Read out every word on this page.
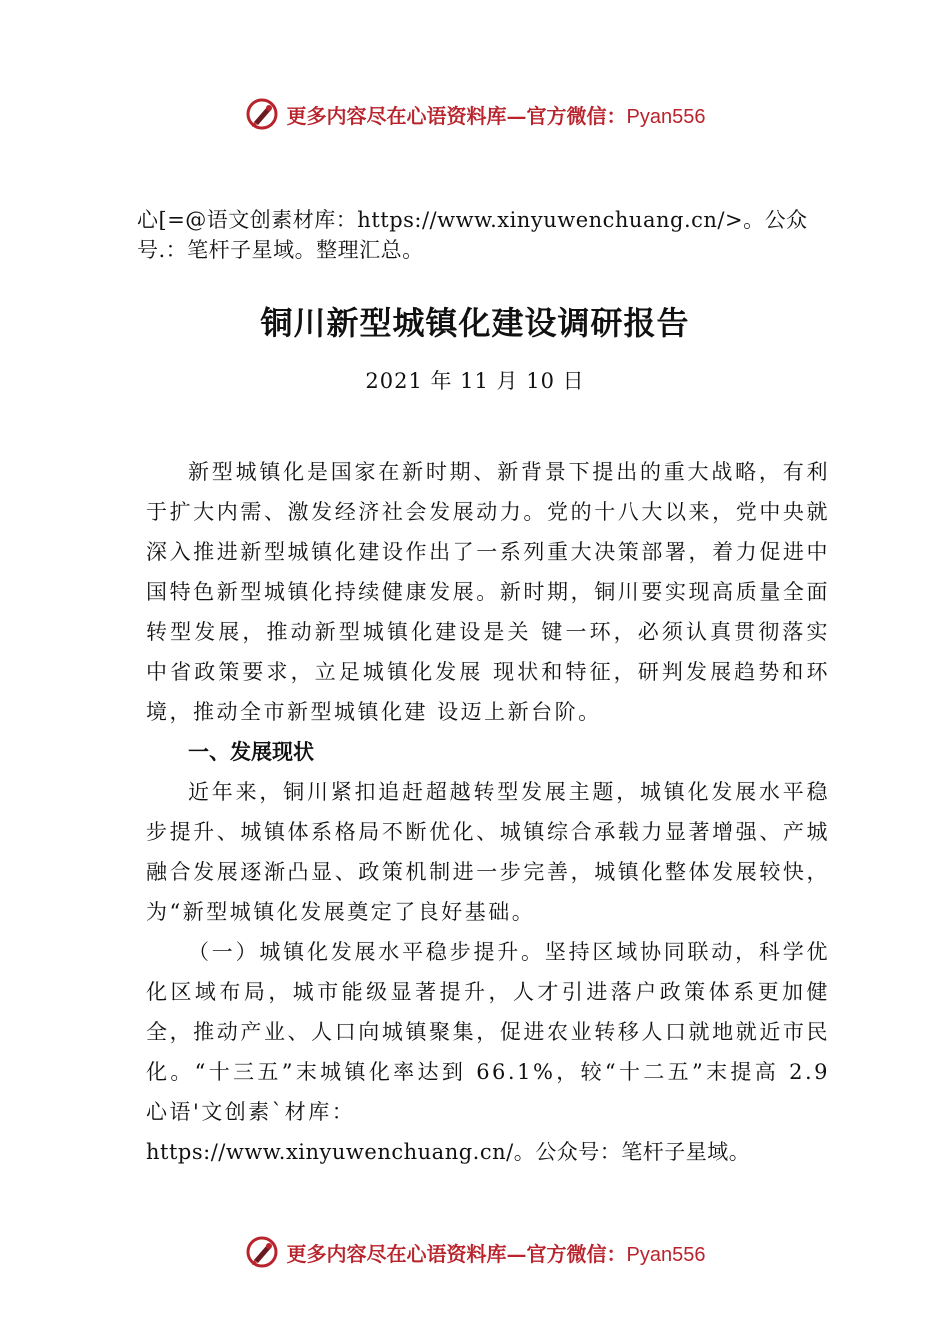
更多内容尽在心语资料库—官方微信：Pyan556
心[=@语文创素材库：https://www.xinyuwenchuang.cn/>。公众号.：笔杆子星域。整理汇总。
铜川新型城镇化建设调研报告
2021 年 11 月 10 日

新型城镇化是国家在新时期、新背景下提出的重大战略，有利于扩大内需、激发经济社会发展动力。党的十八大以来，党中央就深入推进新型城镇化建设作出了一系列重大决策部署，着力促进中国特色新型城镇化持续健康发展。新时期，铜川要实现高质量全面转型发展，推动新型城镇化建设是关 键一环，必须认真贯彻落实中省政策要求，立足城镇化发展 现状和特征，研判发展趋势和环境，推动全市新型城镇化建 设迈上新台阶。

一、发展现状

近年来，铜川紧扣追赶超越转型发展主题，城镇化发展水平稳步提升、城镇体系格局不断优化、城镇综合承载力显著增强、产城融合发展逐渐凸显、政策机制进一步完善，城镇化整体发展较快，为“新型城镇化发展奠定了良好基础。

（一）城镇化发展水平稳步提升。坚持区域协同联动，科学优化区域布局，城市能级显著提升，人才引进落户政策体系更加健全，推动产业、人口向城镇聚集，促进农业转移人口就地就近市民化。“十三五”末城镇化率达到 66.1%，较“十二五”末提高 2.9心语'文创素`材库：

https://www.xinyuwenchuang.cn/。公众号：笔杆子星域。

更多内容尽在心语资料库—官方微信：Pyan556
